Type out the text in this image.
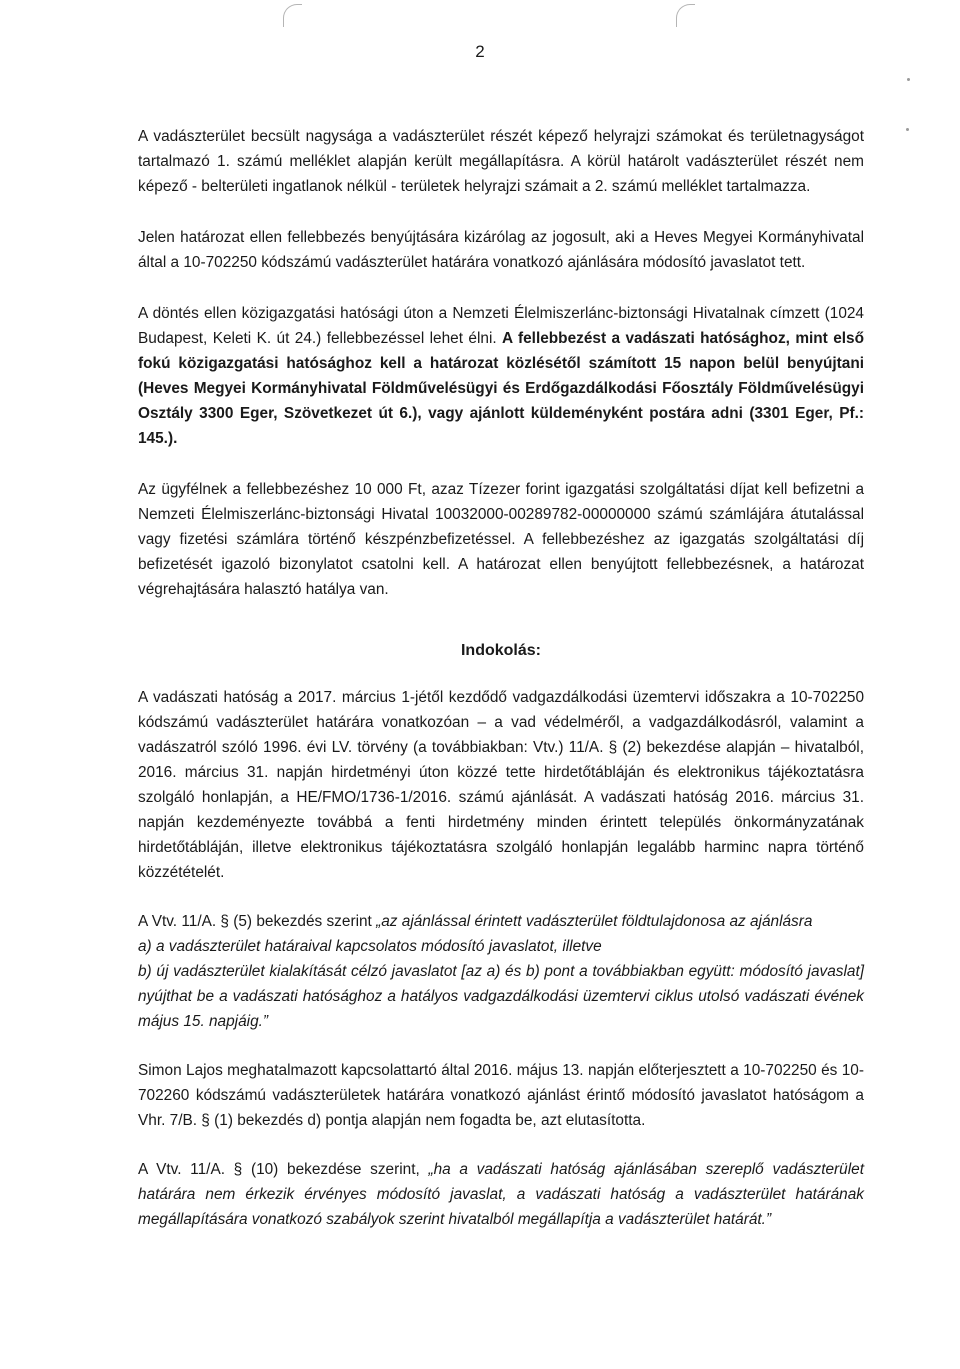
2

A vadászterület becsült nagysága a vadászterület részét képező helyrajzi számokat és területnagyságot tartalmazó 1. számú melléklet alapján került megállapításra. A körül határolt vadászterület részét nem képező - belterületi ingatlanok nélkül - területek helyrajzi számait a 2. számú melléklet tartalmazza.

Jelen határozat ellen fellebbezés benyújtására kizárólag az jogosult, aki a Heves Megyei Kormányhivatal által a 10-702250 kódszámú vadászterület határára vonatkozó ajánlására módosító javaslatot tett.

A döntés ellen közigazgatási hatósági úton a Nemzeti Élelmiszerlánc-biztonsági Hivatalnak címzett (1024 Budapest, Keleti K. út 24.) fellebbezéssel lehet élni. A fellebbezést a vadászati hatósághoz, mint első fokú közigazgatási hatósághoz kell a határozat közlésétől számított 15 napon belül benyújtani (Heves Megyei Kormányhivatal Földművelésügyi és Erdőgazdálkodási Főosztály Földművelésügyi Osztály 3300 Eger, Szövetkezet út 6.), vagy ajánlott küldeményként postára adni (3301 Eger, Pf.: 145.).

Az ügyfélnek a fellebbezéshez 10 000 Ft, azaz Tízezer forint igazgatási szolgáltatási díjat kell befizetni a Nemzeti Élelmiszerlánc-biztonsági Hivatal 10032000-00289782-00000000 számú számlájára átutalással vagy fizetési számlára történő készpénzbefizetéssel. A fellebbezéshez az igazgatás szolgáltatási díj befizetését igazoló bizonylatot csatolni kell. A határozat ellen benyújtott fellebbezésnek, a határozat végrehajtására halasztó hatálya van.

Indokolás:

A vadászati hatóság a 2017. március 1-jétől kezdődő vadgazdálkodási üzemtervi időszakra a 10-702250 kódszámú vadászterület határára vonatkozóan – a vad védelméről, a vadgazdálkodásról, valamint a vadászatról szóló 1996. évi LV. törvény (a továbbiakban: Vtv.) 11/A. § (2) bekezdése alapján – hivatalból, 2016. március 31. napján hirdetményi úton közzé tette hirdetőtábláján és elektronikus tájékoztatásra szolgáló honlapján, a HE/FMO/1736-1/2016. számú ajánlását. A vadászati hatóság 2016. március 31. napján kezdeményezte továbbá a fenti hirdetmény minden érintett település önkormányzatának hirdetőtábláján, illetve elektronikus tájékoztatásra szolgáló honlapján legalább harminc napra történő közzétételét.

A Vtv. 11/A. § (5) bekezdés szerint „az ajánlással érintett vadászterület földtulajdonosa az ajánlásra
a) a vadászterület határaival kapcsolatos módosító javaslatot, illetve
b) új vadászterület kialakítását célzó javaslatot [az a) és b) pont a továbbiakban együtt: módosító javaslat] nyújthat be a vadászati hatósághoz a hatályos vadgazdálkodási üzemtervi ciklus utolsó vadászati évének május 15. napjáig.”

Simon Lajos meghatalmazott kapcsolattartó által 2016. május 13. napján előterjesztett a 10-702250 és 10-702260 kódszámú vadászterületek határára vonatkozó ajánlást érintő módosító javaslatot hatóságom a Vhr. 7/B. § (1) bekezdés d) pontja alapján nem fogadta be, azt elutasította.

A Vtv. 11/A. § (10) bekezdése szerint, „ha a vadászati hatóság ajánlásában szereplő vadászterület határára nem érkezik érvényes módosító javaslat, a vadászati hatóság a vadászterület határának megállapítására vonatkozó szabályok szerint hivatalból megállapítja a vadászterület határát.”
